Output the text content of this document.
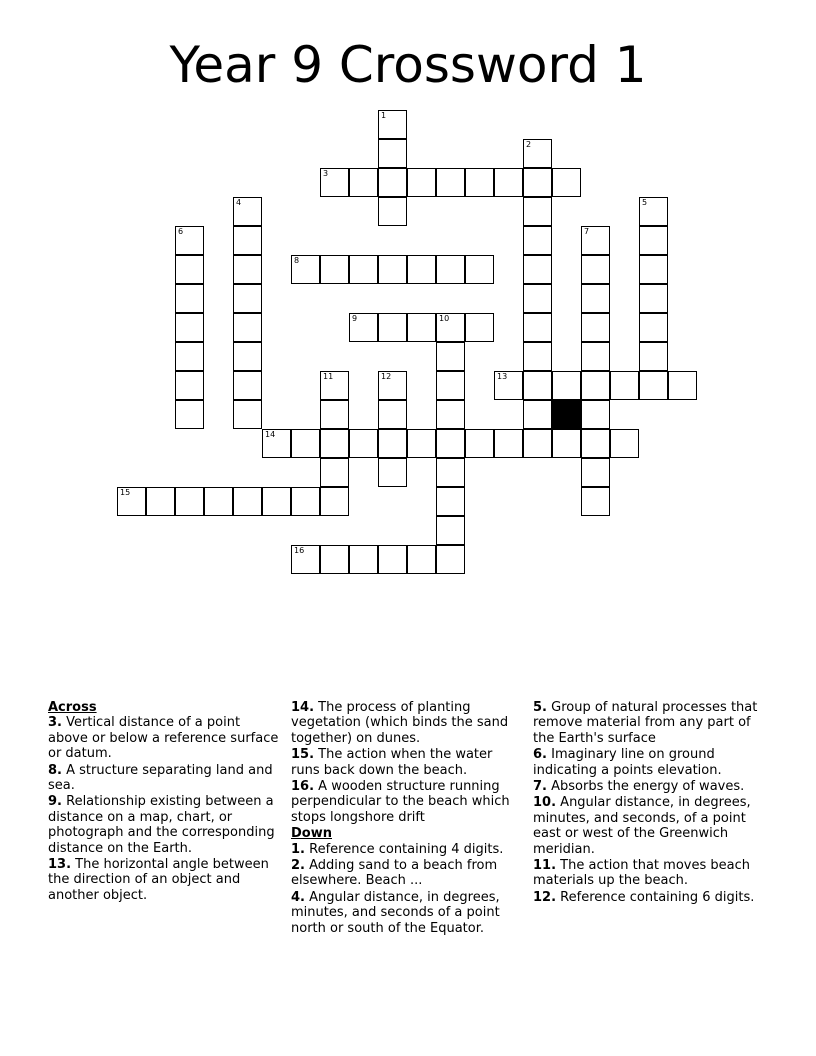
Year 9 Crossword 1
1
2
3
4	5
6	7
8
9	10
11	12	13
14
15
16

Across

3. Vertical distance of a point above or below a reference surface or datum.

8. A structure separating land and sea.

9. Relationship existing between a distance on a map, chart, or photograph and the corresponding distance on the Earth.

13. The horizontal angle between the direction of an object and another object.

14. The process of planting vegetation (which binds the sand together) on dunes.

15. The action when the water runs back down the beach.

16. A wooden structure running perpendicular to the beach which stops longshore drift

Down

1. Reference containing 4 digits.

2. Adding sand to a beach from elsewhere. Beach ...

4. Angular distance, in degrees, minutes, and seconds of a point north or south of the Equator.

5. Group of natural processes that remove material from any part of the Earth's surface

6. Imaginary line on ground indicating a points elevation.

7. Absorbs the energy of waves.

10. Angular distance, in degrees, minutes, and seconds, of a point east or west of the Greenwich meridian.

11. The action that moves beach materials up the beach.

12. Reference containing 6 digits.
